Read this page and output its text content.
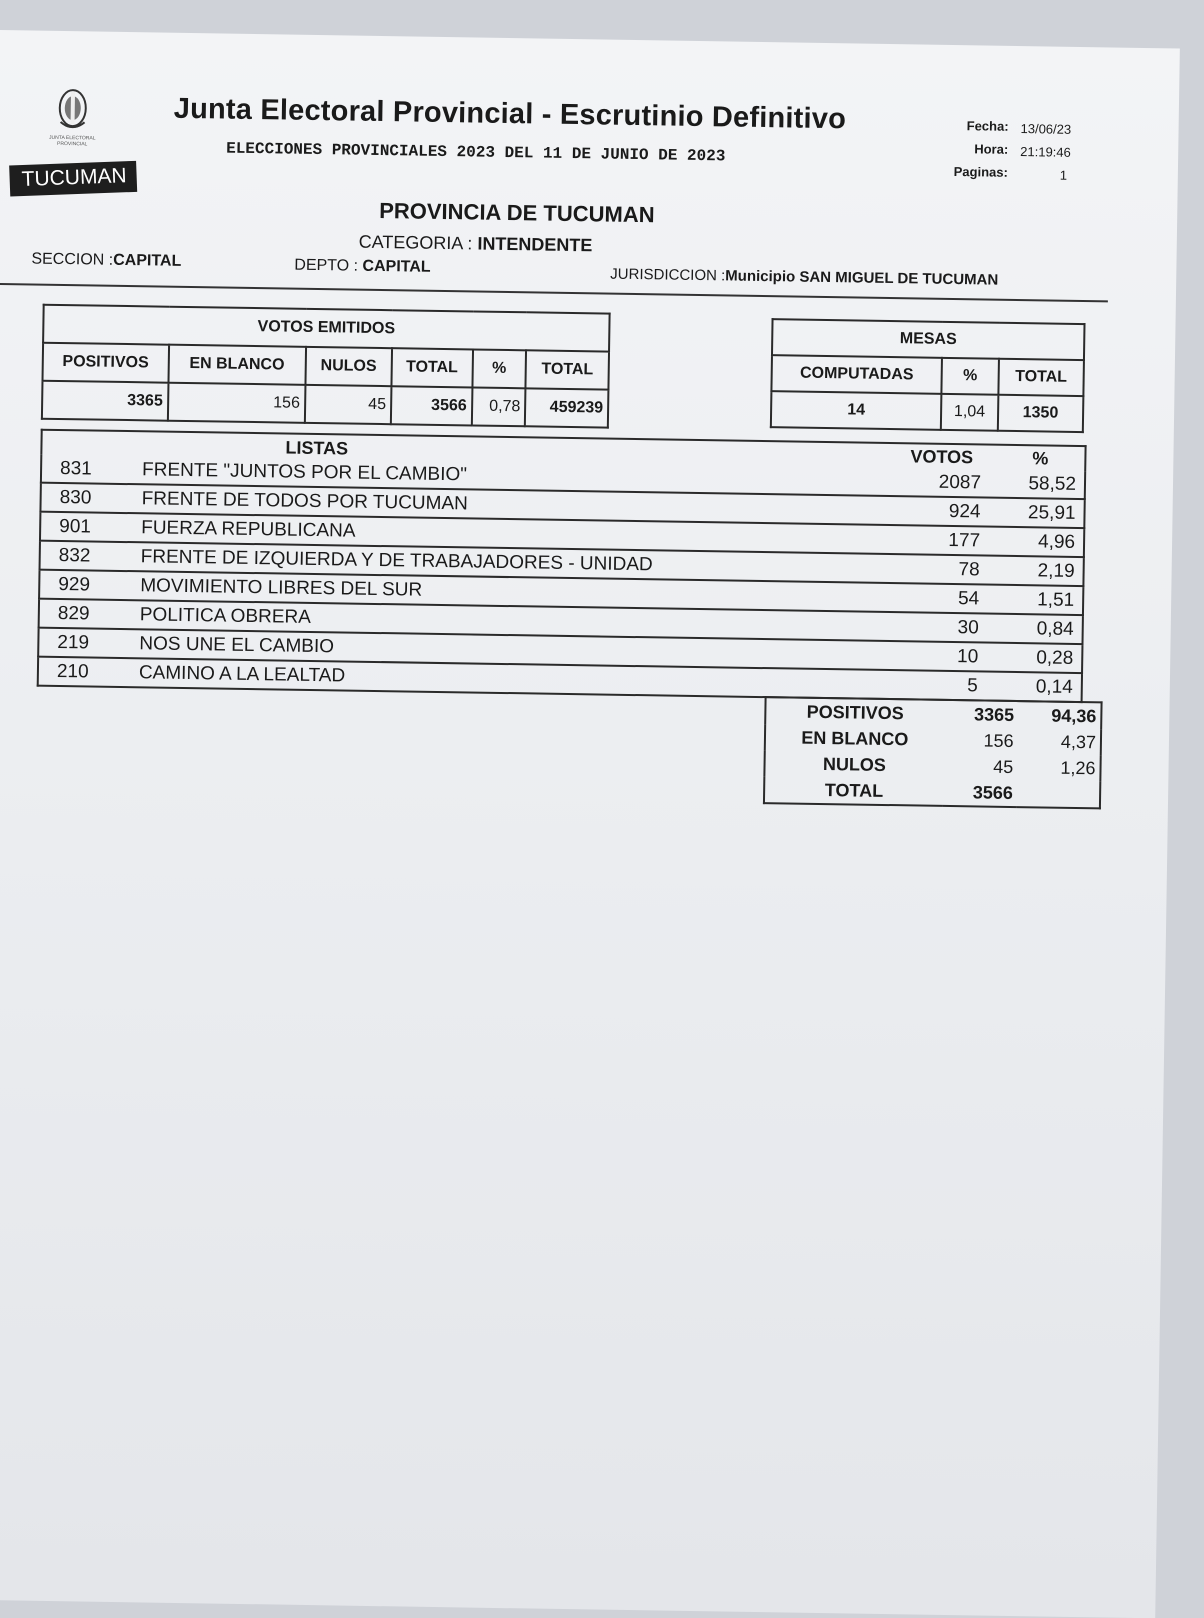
JUNTA ELECTORAL PROVINCIAL
TUCUMAN
Junta Electoral Provincial - Escrutinio Definitivo
ELECCIONES PROVINCIALES 2023 DEL 11 DE JUNIO DE 2023
Fecha: 13/06/23
Hora: 21:19:46
Paginas:	1
PROVINCIA DE TUCUMAN
CATEGORIA : INTENDENTE
SECCION :CAPITAL	DEPTO : CAPITAL	JURISDICCION :Municipio SAN MIGUEL DE TUCUMAN
VOTOS EMITIDOS					
POSITIVOS	EN BLANCO	NULOS	TOTAL	%	TOTAL
3365	156	45	3566	0,78	459239
MESAS		
COMPUTADAS	%	TOTAL
14	1,04	1350
LISTAS	VOTOS	%
831	FRENTE "JUNTOS POR EL CAMBIO"	2087 58,52
830	FRENTE DE TODOS POR TUCUMAN	924 25,91
901	FUERZA REPUBLICANA	177	4,96
832	FRENTE DE IZQUIERDA Y DE TRABAJADORES - UNIDAD	78	2,19
929	MOVIMIENTO LIBRES DEL SUR	54	1,51
829	POLITICA OBRERA	30	0,84
219	NOS UNE EL CAMBIO	10	0,28
210	CAMINO A LA LEALTAD	5	0,14
POSITIVOS	3365	94,36
EN BLANCO	156	4,37
NULOS	45	1,26
TOTAL	3566	
